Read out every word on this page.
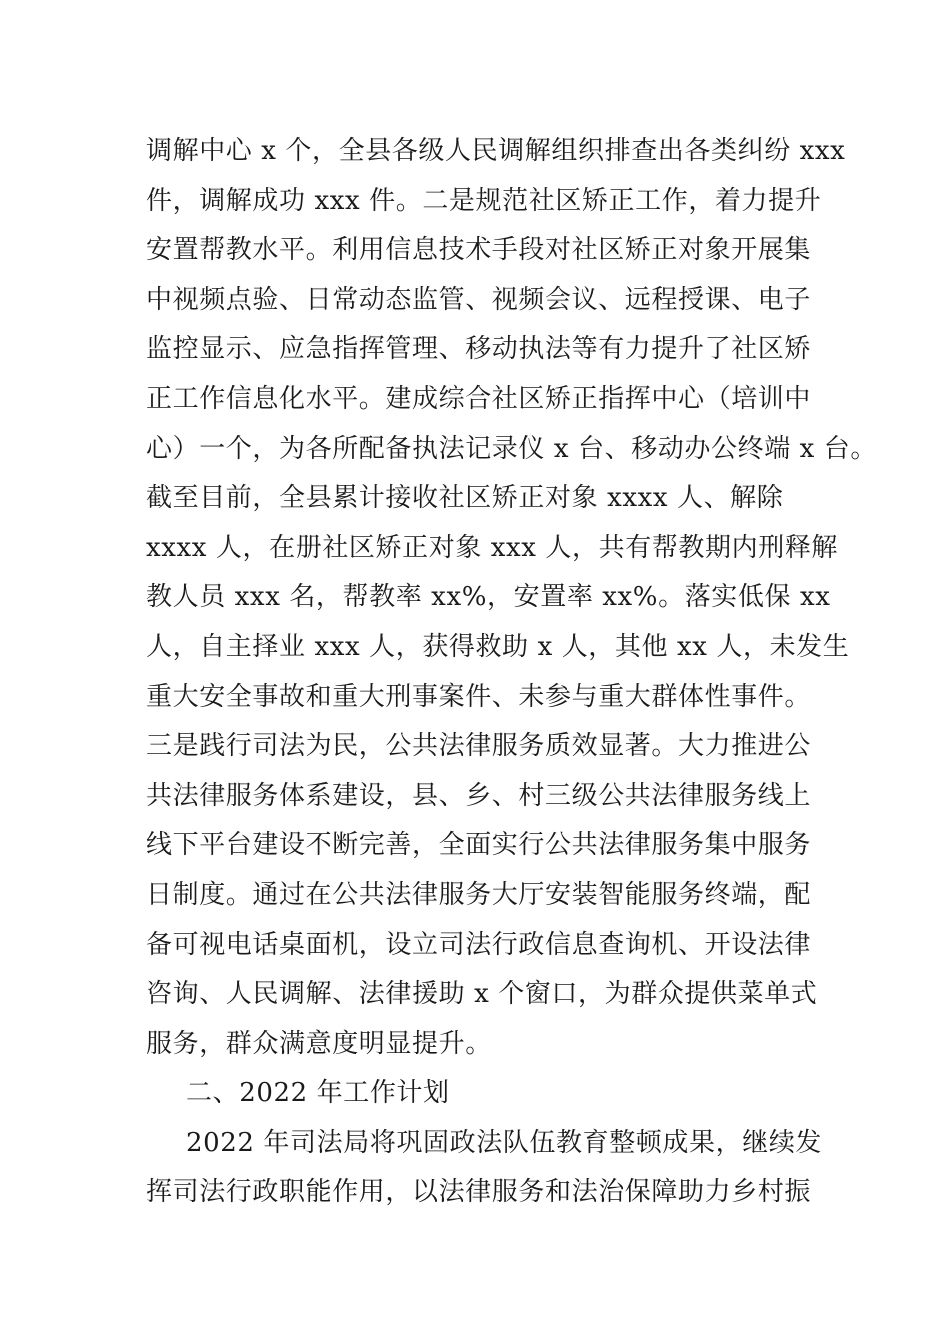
调解中心 x 个，全县各级人民调解组织排查出各类纠纷 xxx
件，调解成功 xxx 件。二是规范社区矫正工作，着力提升
安置帮教水平。利用信息技术手段对社区矫正对象开展集
中视频点验、日常动态监管、视频会议、远程授课、电子
监控显示、应急指挥管理、移动执法等有力提升了社区矫
正工作信息化水平。建成综合社区矫正指挥中心（培训中
心）一个，为各所配备执法记录仪 x 台、移动办公终端 x 台。
截至目前，全县累计接收社区矫正对象 xxxx 人、解除
xxxx 人，在册社区矫正对象 xxx 人，共有帮教期内刑释解
教人员 xxx 名，帮教率 xx%，安置率 xx%。落实低保 xx
人，自主择业 xxx 人，获得救助 x 人，其他 xx 人，未发生
重大安全事故和重大刑事案件、未参与重大群体性事件。
三是践行司法为民，公共法律服务质效显著。大力推进公
共法律服务体系建设，县、乡、村三级公共法律服务线上
线下平台建设不断完善，全面实行公共法律服务集中服务
日制度。通过在公共法律服务大厅安装智能服务终端，配
备可视电话桌面机，设立司法行政信息查询机、开设法律
咨询、人民调解、法律援助 x 个窗口，为群众提供菜单式
服务，群众满意度明显提升。
二、2022 年工作计划
2022 年司法局将巩固政法队伍教育整顿成果，继续发
挥司法行政职能作用，以法律服务和法治保障助力乡村振
